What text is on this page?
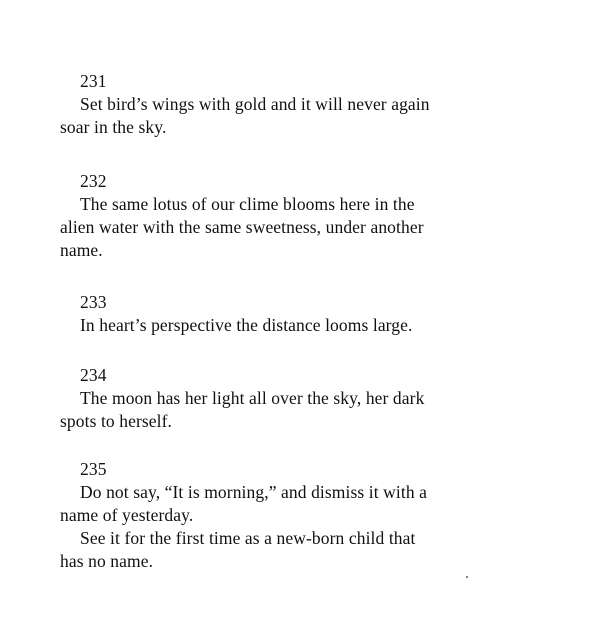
231
Set bird’s wings with gold and it will never again
soar in the sky.
232
The same lotus of our clime blooms here in the
alien water with the same sweetness, under another
name.
233
In heart’s perspective the distance looms large.
234
The moon has her light all over the sky, her dark
spots to herself.
235
Do not say, “It is morning,” and dismiss it with a
name of yesterday.
See it for the first time as a new-born child that
has no name.
